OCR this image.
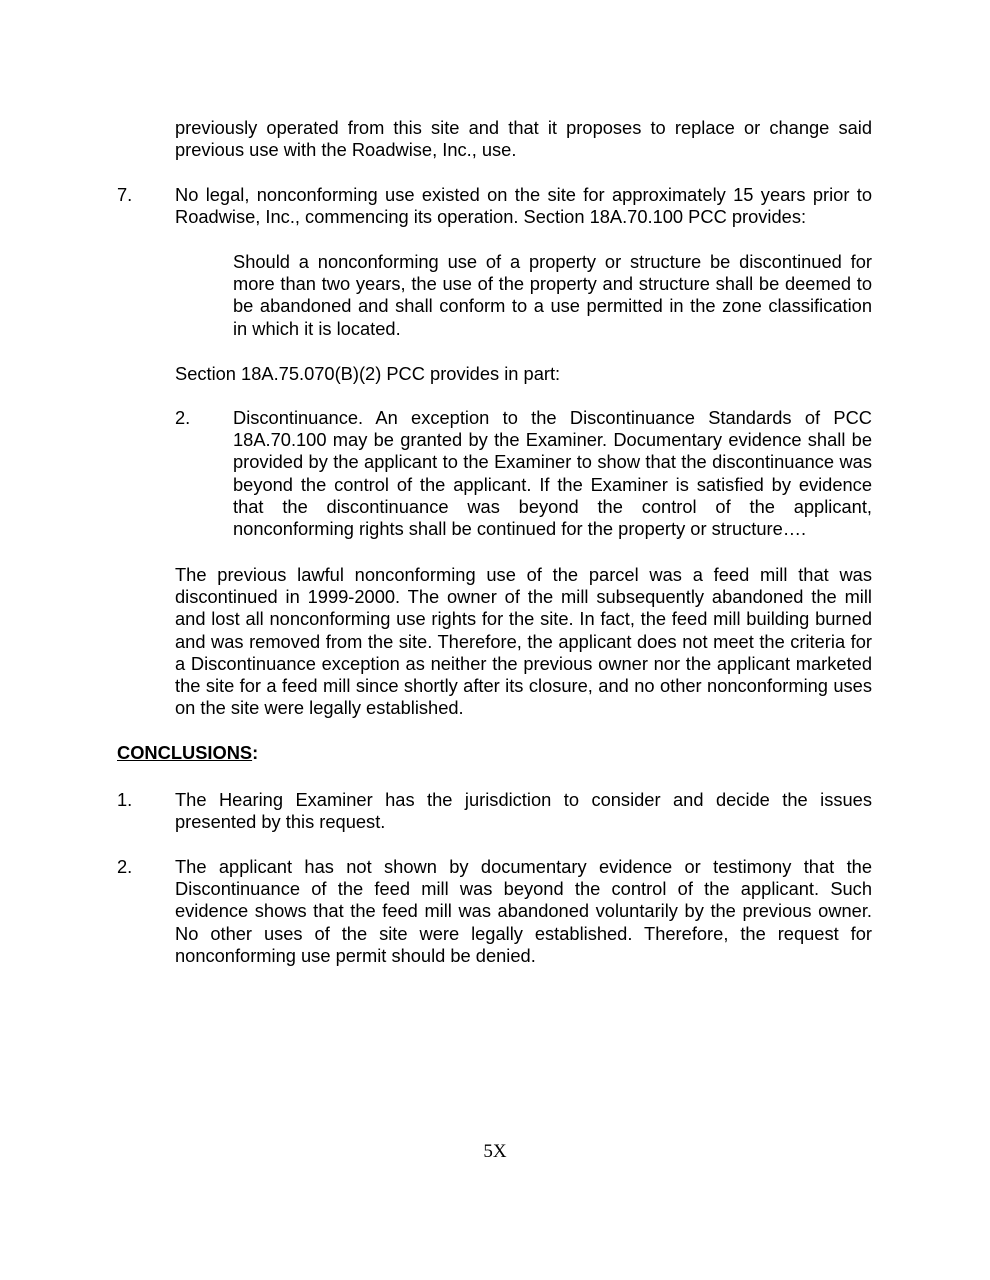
previously operated from this site and that it proposes to replace or change said previous use with the Roadwise, Inc., use.

7. No legal, nonconforming use existed on the site for approximately 15 years prior to Roadwise, Inc., commencing its operation. Section 18A.70.100 PCC provides:

Should a nonconforming use of a property or structure be discontinued for more than two years, the use of the property and structure shall be deemed to be abandoned and shall conform to a use permitted in the zone classification in which it is located.

Section 18A.75.070(B)(2) PCC provides in part:

2. Discontinuance. An exception to the Discontinuance Standards of PCC 18A.70.100 may be granted by the Examiner. Documentary evidence shall be provided by the applicant to the Examiner to show that the discontinuance was beyond the control of the applicant. If the Examiner is satisfied by evidence that the discontinuance was beyond the control of the applicant, nonconforming rights shall be continued for the property or structure….

The previous lawful nonconforming use of the parcel was a feed mill that was discontinued in 1999-2000. The owner of the mill subsequently abandoned the mill and lost all nonconforming use rights for the site. In fact, the feed mill building burned and was removed from the site. Therefore, the applicant does not meet the criteria for a Discontinuance exception as neither the previous owner nor the applicant marketed the site for a feed mill since shortly after its closure, and no other nonconforming uses on the site were legally established.

CONCLUSIONS:

1. The Hearing Examiner has the jurisdiction to consider and decide the issues presented by this request.

2. The applicant has not shown by documentary evidence or testimony that the Discontinuance of the feed mill was beyond the control of the applicant. Such evidence shows that the feed mill was abandoned voluntarily by the previous owner. No other uses of the site were legally established. Therefore, the request for nonconforming use permit should be denied.

5X
